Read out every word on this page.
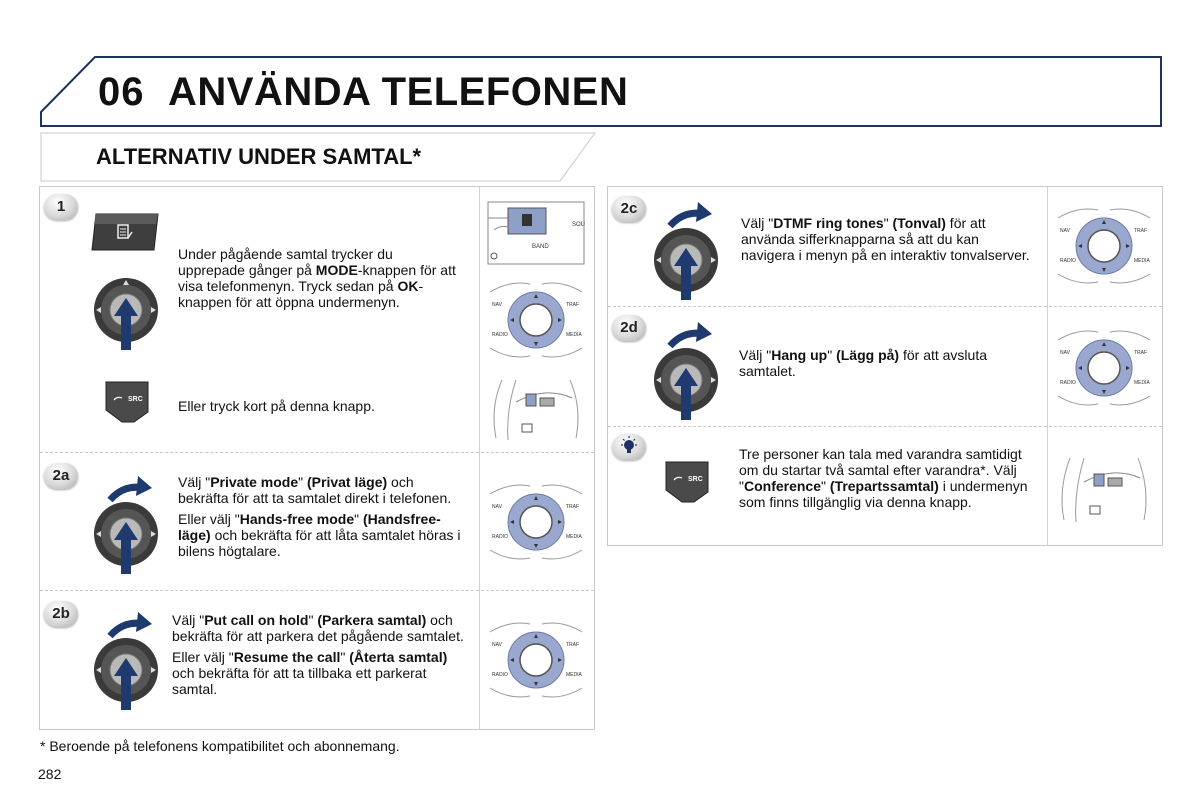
06 ANVÄNDA TELEFONEN
ALTERNATIV UNDER SAMTAL*
1

Under pågående samtal trycker du upprepade gånger på MODE-knappen för att visa telefonmenyn. Tryck sedan på OK-knappen för att öppna undermenyn.

SRC	Eller tryck kort på denna knapp.
BAND
SOU
NAV	TRAF
RADIO	MEDIA
2a	Välj "Private mode" (Privat läge) och bekräfta för att ta samtalet direkt i telefonen.

Eller välj "Hands-free mode" (Handsfree-läge) och bekräfta för att låta samtalet höras i bilens högtalare.

NAV	TRAF
RADIO	MEDIA
2b	Välj "Put call on hold" (Parkera samtal) och bekräfta för att parkera det pågående samtalet.

Eller välj "Resume the call" (Återta samtal) och bekräfta för att ta tillbaka ett parkerat samtal.

NAV	TRAF
RADIO	MEDIA
2c

Välj "DTMF ring tones" (Tonval) för att använda sifferknapparna så att du kan navigera i menyn på en interaktiv tonvalserver.

NAV	TRAF
RADIO	MEDIA
2d

Välj "Hang up" (Lägg på) för att avsluta samtalet.

NAV	TRAF
RADIO	MEDIA
SRC

Tre personer kan tala med varandra samtidigt om du startar två samtal efter varandra*. Välj "Conference" (Trepartssamtal) i undermenyn som finns tillgänglig via denna knapp.

* Beroende på telefonens kompatibilitet och abonnemang.
282
